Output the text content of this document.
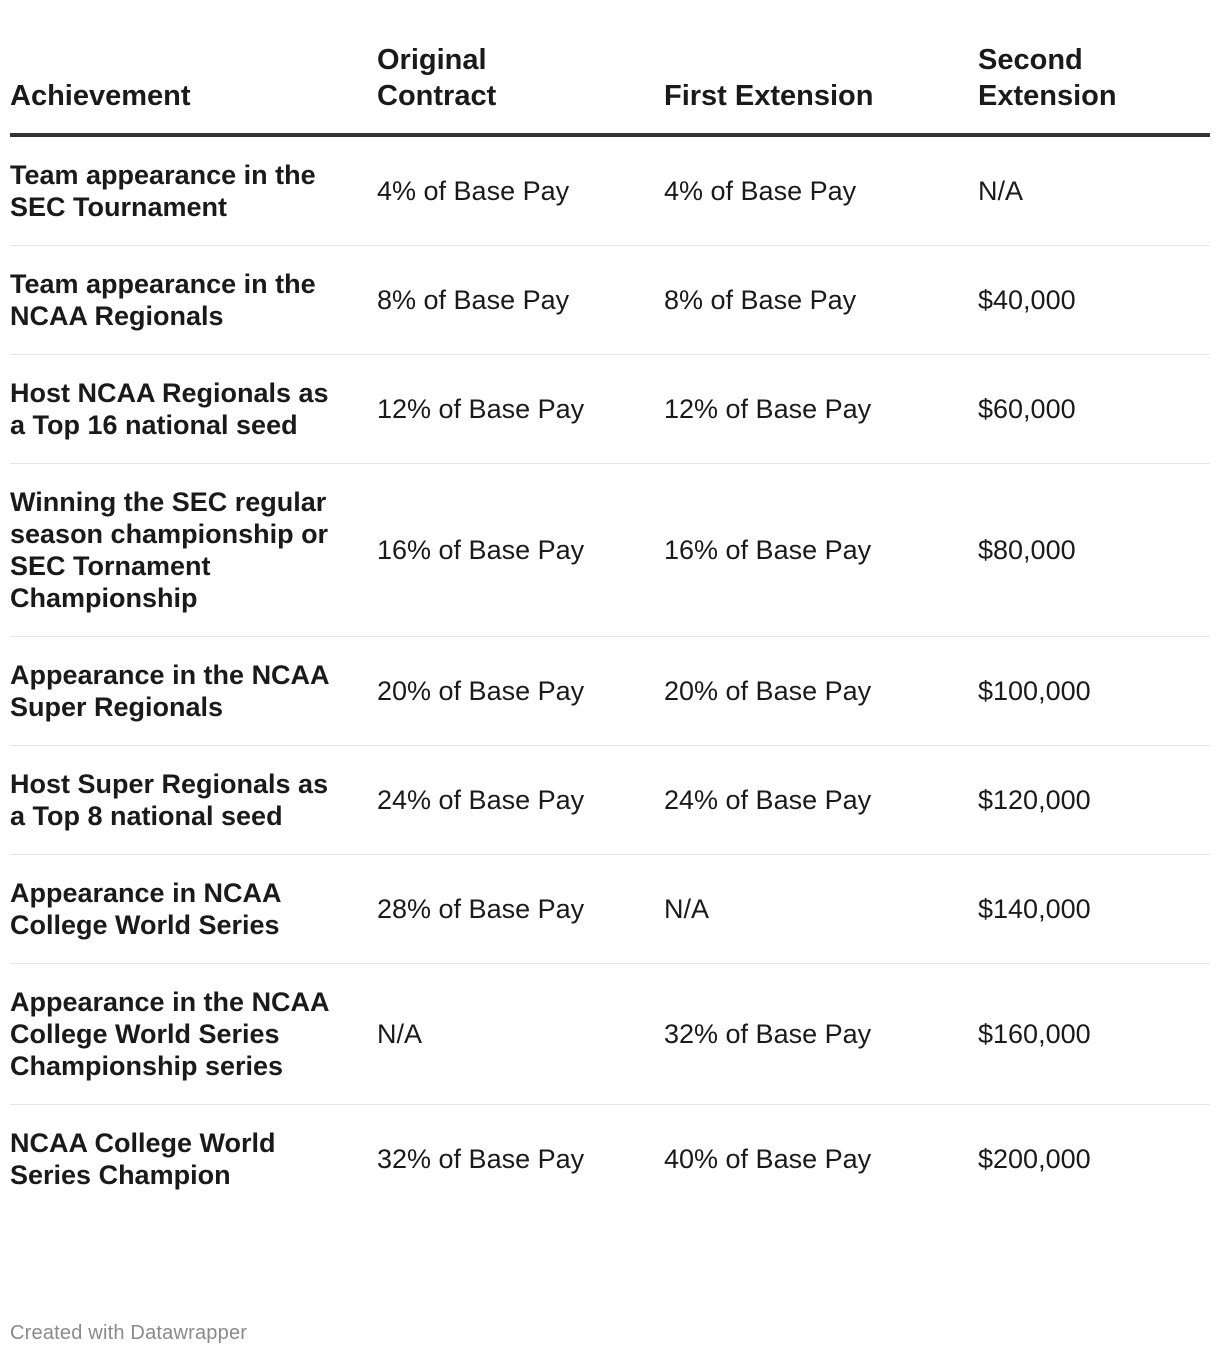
Achievement	Original Contract	First Extension	Second Extension

Team appearance in the SEC Tournament	4% of Base Pay	4% of Base Pay	N/A

Team appearance in the NCAA Regionals	8% of Base Pay	8% of Base Pay	$40,000

Host NCAA Regionals as a Top 16 national seed	12% of Base Pay	12% of Base Pay	$60,000

Winning the SEC regular season championship or SEC Tornament Championship	16% of Base Pay	16% of Base Pay	$80,000

Appearance in the NCAA Super Regionals	20% of Base Pay	20% of Base Pay	$100,000

Host Super Regionals as a Top 8 national seed	24% of Base Pay	24% of Base Pay	$120,000

Appearance in NCAA College World Series	28% of Base Pay	N/A	$140,000

Appearance in the NCAA College World Series Championship series	N/A	32% of Base Pay	$160,000

NCAA College World Series Champion	32% of Base Pay	40% of Base Pay	$200,000
Created with Datawrapper
